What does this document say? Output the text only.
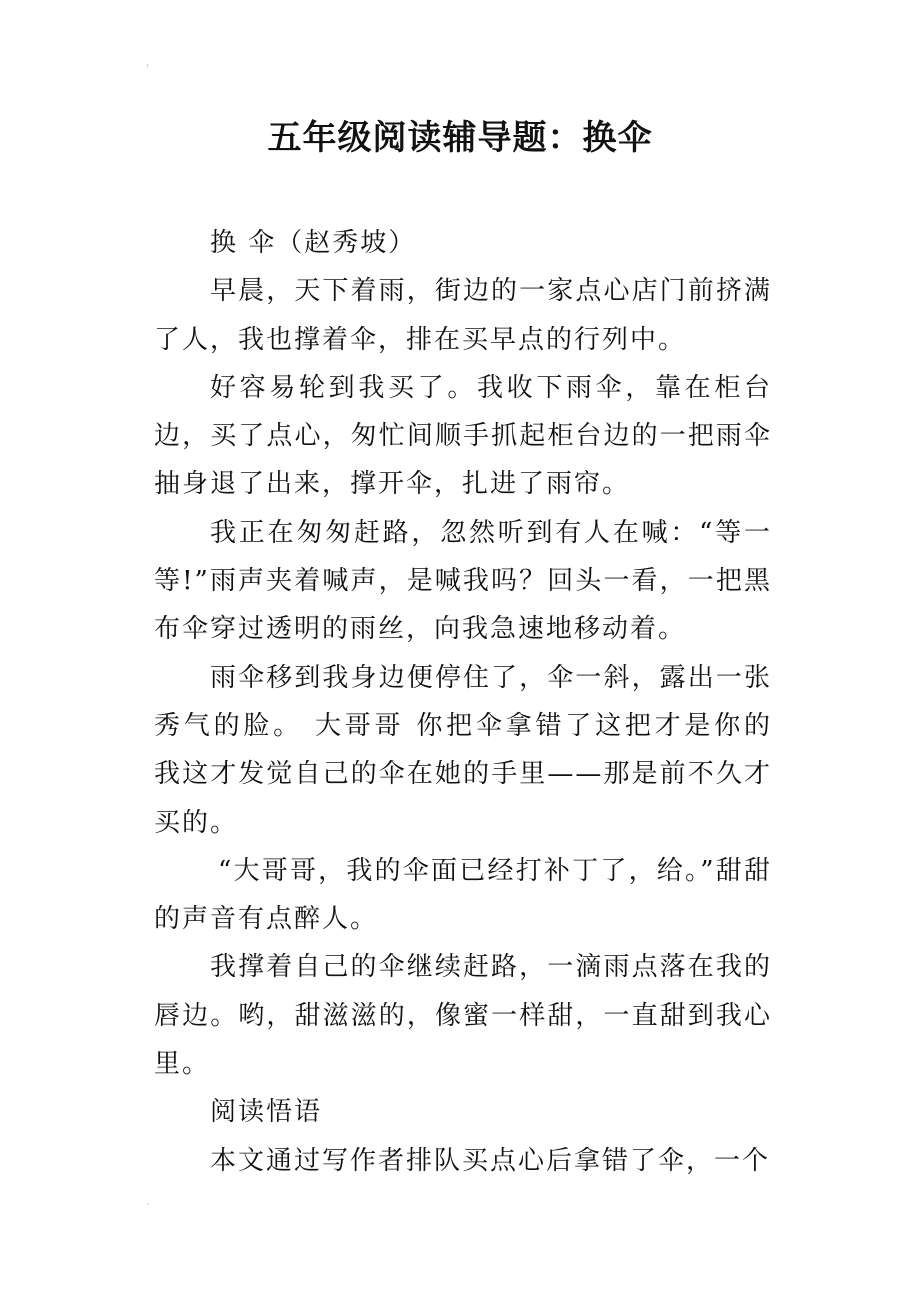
'
.
五年级阅读辅导题：换伞

换 伞（赵秀坡）

早晨，天下着雨，街边的一家点心店门前挤满了人，我也撑着伞，排在买早点的行列中。

好容易轮到我买了。我收下雨伞，靠在柜台边，买了点心，匆忙间顺手抓起柜台边的一把雨伞抽身退了出来，撑开伞，扎进了雨帘。

我正在匆匆赶路，忽然听到有人在喊：“等一等!”雨声夹着喊声，是喊我吗？回头一看，一把黑布伞穿过透明的雨丝，向我急速地移动着。

雨伞移到我身边便停住了，伞一斜，露出一张秀气的脸。 大哥哥 你把伞拿错了这把才是你的 我这才发觉自己的伞在她的手里——那是前不久才买的。

“大哥哥，我的伞面已经打补丁了，给。”甜甜的声音有点醉人。

我撑着自己的伞继续赶路，一滴雨点落在我的唇边。哟，甜滋滋的，像蜜一样甜，一直甜到我心里。

阅读悟语

本文通过写作者排队买点心后拿错了伞，一个
